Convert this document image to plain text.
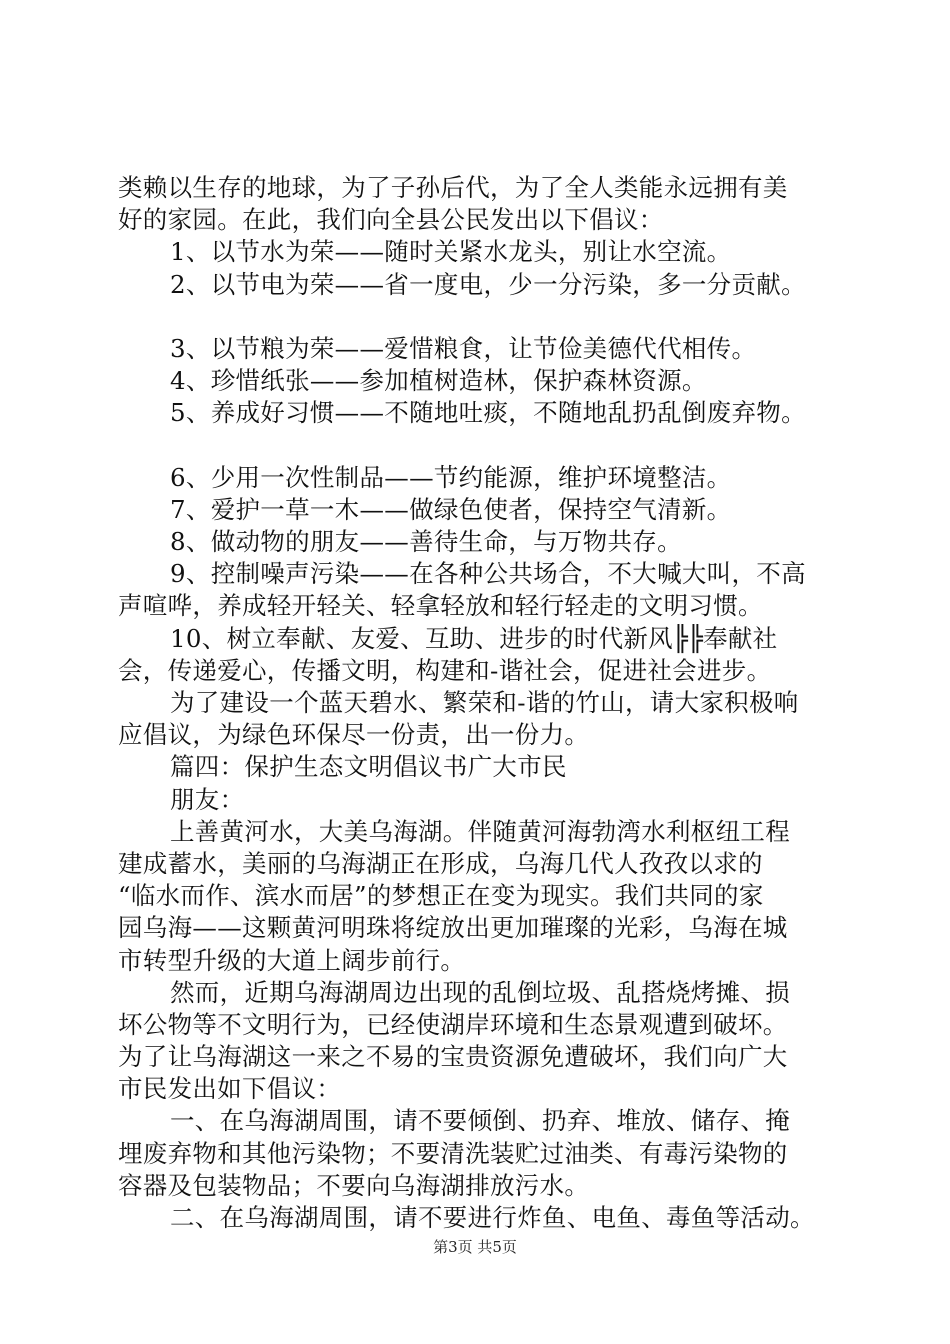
类赖以生存的地球，为了子孙后代，为了全人类能永远拥有美
好的家园。在此，我们向全县公民发出以下倡议：
1、以节水为荣——随时关紧水龙头，别让水空流。
2、以节电为荣——省一度电，少一分污染，多一分贡献。
3、以节粮为荣——爱惜粮食，让节俭美德代代相传。
4、珍惜纸张——参加植树造林，保护森林资源。
5、养成好习惯——不随地吐痰，不随地乱扔乱倒废弃物。
6、少用一次性制品——节约能源，维护环境整洁。
7、爱护一草一木——做绿色使者，保持空气清新。
8、做动物的朋友——善待生命，与万物共存。
9、控制噪声污染——在各种公共场合，不大喊大叫，不高
声喧哗，养成轻开轻关、轻拿轻放和轻行轻走的文明习惯。
10、树立奉献、友爱、互助、进步的时代新风╠╠奉献社
会，传递爱心，传播文明，构建和-谐社会，促进社会进步。
为了建设一个蓝天碧水、繁荣和-谐的竹山，请大家积极响
应倡议，为绿色环保尽一份责，出一份力。
篇四：保护生态文明倡议书广大市民
朋友：
上善黄河水，大美乌海湖。伴随黄河海勃湾水利枢纽工程
建成蓄水，美丽的乌海湖正在形成，乌海几代人孜孜以求的
“临水而作、滨水而居”的梦想正在变为现实。我们共同的家
园乌海——这颗黄河明珠将绽放出更加璀璨的光彩，乌海在城
市转型升级的大道上阔步前行。
然而，近期乌海湖周边出现的乱倒垃圾、乱搭烧烤摊、损
坏公物等不文明行为，已经使湖岸环境和生态景观遭到破坏。
为了让乌海湖这一来之不易的宝贵资源免遭破坏，我们向广大
市民发出如下倡议：
一、在乌海湖周围，请不要倾倒、扔弃、堆放、储存、掩
埋废弃物和其他污染物；不要清洗装贮过油类、有毒污染物的
容器及包装物品；不要向乌海湖排放污水。
二、在乌海湖周围，请不要进行炸鱼、电鱼、毒鱼等活动。
第3页 共5页
